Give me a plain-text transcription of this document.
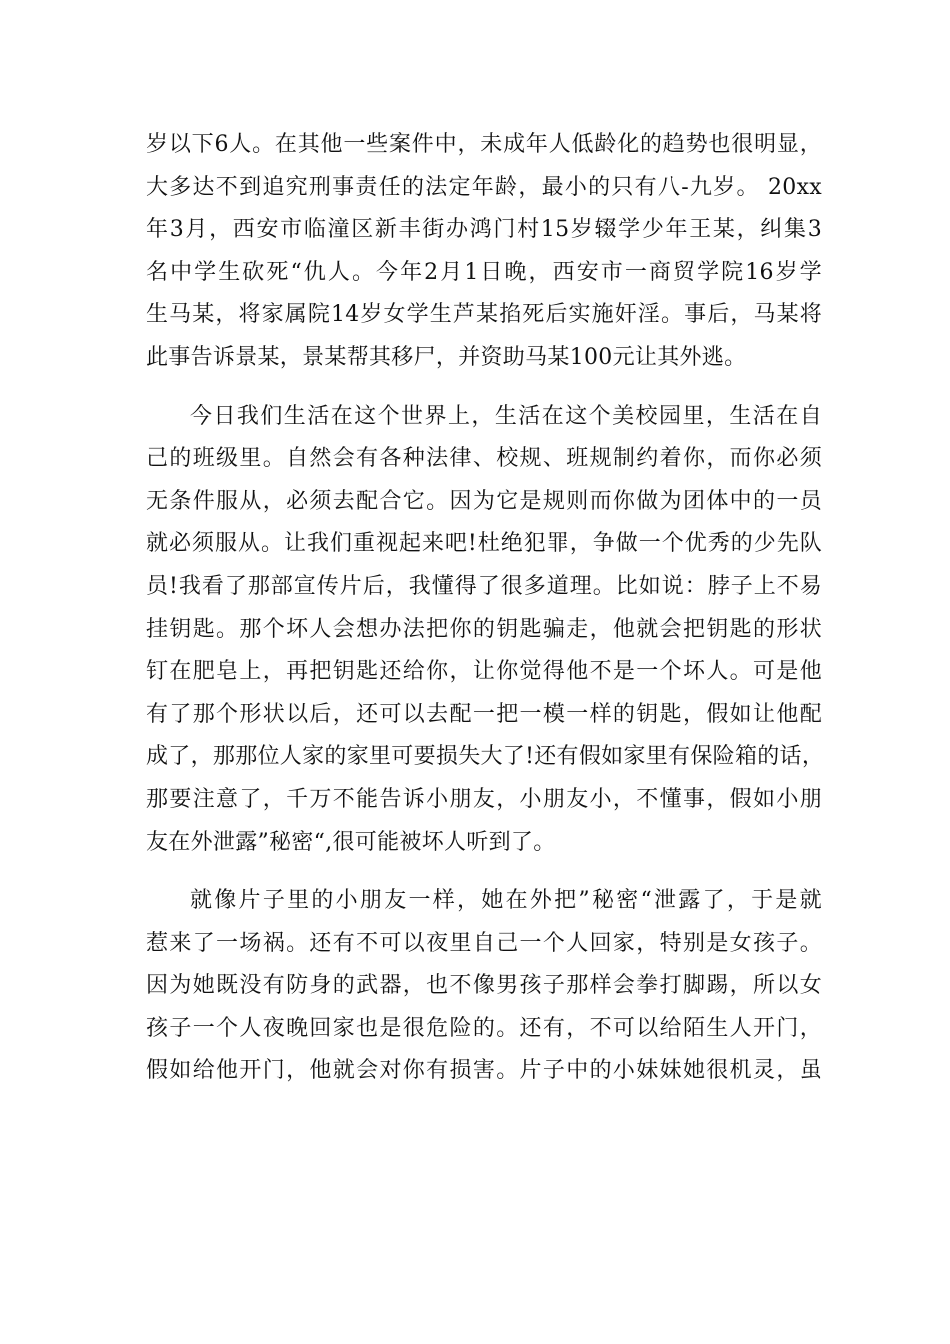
岁以下6人。在其他一些案件中，未成年人低龄化的趋势也很明显，
大多达不到追究刑事责任的法定年龄，最小的只有八-九岁。 20xx
年3月，西安市临潼区新丰街办鸿门村15岁辍学少年王某，纠集3
名中学生砍死“仇人。今年2月1日晚，西安市一商贸学院16岁学
生马某，将家属院14岁女学生芦某掐死后实施奸淫。事后，马某将
此事告诉景某，景某帮其移尸，并资助马某100元让其外逃。

今日我们生活在这个世界上，生活在这个美校园里，生活在自
己的班级里。自然会有各种法律、校规、班规制约着你，而你必须
无条件服从，必须去配合它。因为它是规则而你做为团体中的一员
就必须服从。让我们重视起来吧!杜绝犯罪，争做一个优秀的少先队
员!我看了那部宣传片后，我懂得了很多道理。比如说：脖子上不易
挂钥匙。那个坏人会想办法把你的钥匙骗走，他就会把钥匙的形状
钉在肥皂上，再把钥匙还给你，让你觉得他不是一个坏人。可是他
有了那个形状以后，还可以去配一把一模一样的钥匙，假如让他配
成了，那那位人家的家里可要损失大了!还有假如家里有保险箱的话，
那要注意了，千万不能告诉小朋友，小朋友小，不懂事，假如小朋
友在外泄露”秘密“,很可能被坏人听到了。

就像片子里的小朋友一样，她在外把”秘密“泄露了，于是就
惹来了一场祸。还有不可以夜里自己一个人回家，特别是女孩子。
因为她既没有防身的武器，也不像男孩子那样会拳打脚踢，所以女
孩子一个人夜晚回家也是很危险的。还有，不可以给陌生人开门，
假如给他开门，他就会对你有损害。片子中的小妹妹她很机灵，虽
